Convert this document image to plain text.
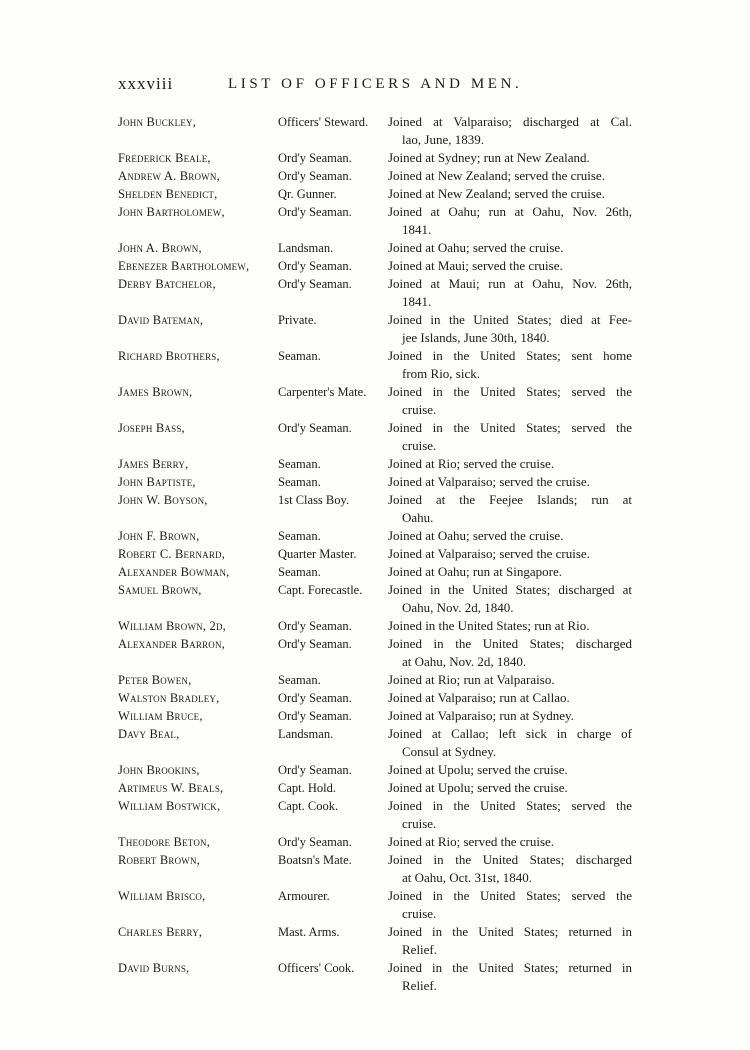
xxxviii	LIST OF OFFICERS AND MEN.
John Buckley,	Officers' Steward.	Joined at Valparaiso; discharged at Cal.
lao, June, 1839.
Frederick Beale,	Ord'y Seaman.	Joined at Sydney; run at New Zealand.
Andrew A. Brown,	Ord'y Seaman.	Joined at New Zealand; served the cruise.
Shelden Benedict,	Qr. Gunner.	Joined at New Zealand; served the cruise.
John Bartholomew,	Ord'y Seaman.	Joined at Oahu; run at Oahu, Nov. 26th,
1841.
John A. Brown,	Landsman.	Joined at Oahu; served the cruise.
Ebenezer Bartholomew,	Ord'y Seaman.	Joined at Maui; served the cruise.
Derby Batchelor,	Ord'y Seaman.	Joined at Maui; run at Oahu, Nov. 26th,
1841.
David Bateman,	Private.	Joined in the United States; died at Fee-
jee Islands, June 30th, 1840.
Richard Brothers,	Seaman.	Joined in the United States; sent home
from Rio, sick.
James Brown,	Carpenter's Mate.	Joined in the United States; served the
cruise.
Joseph Bass,	Ord'y Seaman.	Joined in the United States; served the
cruise.
James Berry,	Seaman.	Joined at Rio; served the cruise.
John Baptiste,	Seaman.	Joined at Valparaiso; served the cruise.
John W. Boyson,	1st Class Boy.	Joined at the Feejee Islands; run at
Oahu.
John F. Brown,	Seaman.	Joined at Oahu; served the cruise.
Robert C. Bernard,	Quarter Master.	Joined at Valparaiso; served the cruise.
Alexander Bowman,	Seaman.	Joined at Oahu; run at Singapore.
Samuel Brown,	Capt. Forecastle.	Joined in the United States; discharged at
Oahu, Nov. 2d, 1840.
William Brown, 2d,	Ord'y Seaman.	Joined in the United States; run at Rio.
Alexander Barron,	Ord'y Seaman.	Joined in the United States; discharged
at Oahu, Nov. 2d, 1840.
Peter Bowen,	Seaman.	Joined at Rio; run at Valparaiso.
Walston Bradley,	Ord'y Seaman.	Joined at Valparaiso; run at Callao.
William Bruce,	Ord'y Seaman.	Joined at Valparaiso; run at Sydney.
Davy Beal,	Landsman.	Joined at Callao; left sick in charge of
Consul at Sydney.
John Brookins,	Ord'y Seaman.	Joined at Upolu; served the cruise.
Artimeus W. Beals,	Capt. Hold.	Joined at Upolu; served the cruise.
William Bostwick,	Capt. Cook.	Joined in the United States; served the
cruise.
Theodore Beton,	Ord'y Seaman.	Joined at Rio; served the cruise.
Robert Brown,	Boatsn's Mate.	Joined in the United States; discharged
at Oahu, Oct. 31st, 1840.
William Brisco,	Armourer.	Joined in the United States; served the
cruise.
Charles Berry,	Mast. Arms.	Joined in the United States; returned in
Relief.
David Burns,	Officers' Cook.	Joined in the United States; returned in
Relief.
